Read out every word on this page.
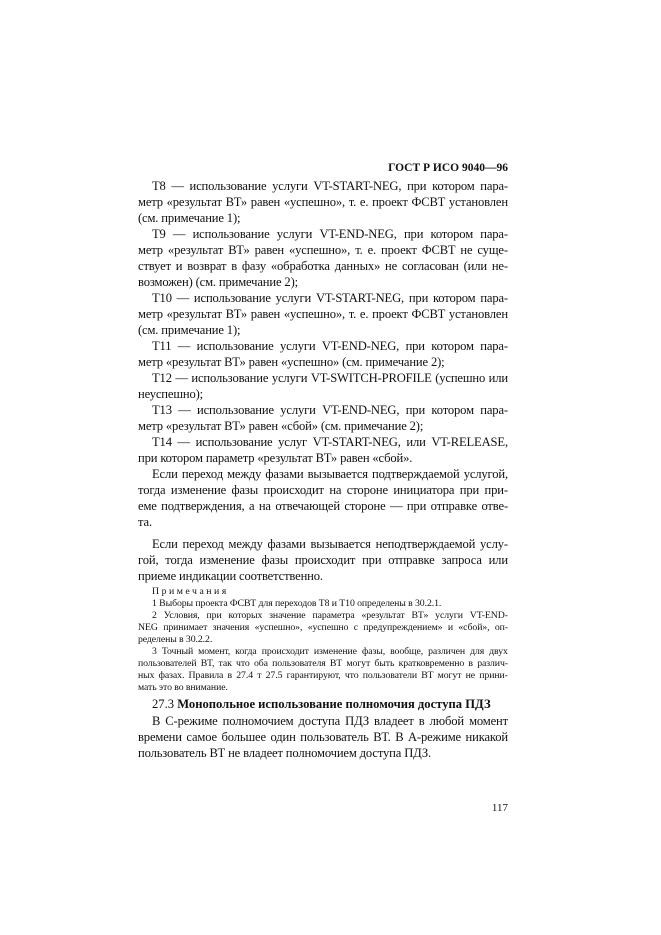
ГОСТ Р ИСО 9040—96
T8 — использование услуги VT-START-NEG, при котором пара-
метр «результат ВТ» равен «успешно», т. е. проект ФСВТ установлен
(см. примечание 1);
T9 — использование услуги VT-END-NEG, при котором пара-
метр «результат ВТ» равен «успешно», т. е. проект ФСВТ не суще-
ствует и возврат в фазу «обработка данных» не согласован (или не-
возможен) (см. примечание 2);
T10 — использование услуги VT-START-NEG, при котором пара-
метр «результат ВТ» равен «успешно», т. е. проект ФСВТ установлен
(см. примечание 1);
T11 — использование услуги VT-END-NEG, при котором пара-
метр «результат ВТ» равен «успешно» (см. примечание 2);
T12 — использование услуги VT-SWITCH-PROFILE (успешно или
неуспешно);
T13 — использование услуги VT-END-NEG, при котором пара-
метр «результат ВТ» равен «сбой» (см. примечание 2);
T14 — использование услуг VT-START-NEG, или VT-RELEASE,
при котором параметр «результат ВТ» равен «сбой».
Если переход между фазами вызывается подтверждаемой услугой,
тогда изменение фазы происходит на стороне инициатора при при-
еме подтверждения, а на отвечающей стороне — при отправке отве-
та.
Если переход между фазами вызывается неподтверждаемой услу-
гой, тогда изменение фазы происходит при отправке запроса или
приеме индикации соответственно.
Примечания
1 Выборы проекта ФСВТ для переходов T8 и T10 определены в 30.2.1.
2 Условия, при которых значение параметра «результат ВТ» услуги VT-END-
NEG принимает значения «успешно», «успешно с предупреждением» и «сбой», оп-
ределены в 30.2.2.
3 Точный момент, когда происходит изменение фазы, вообще, различен для двух
пользователей ВТ, так что оба пользователя ВТ могут быть кратковременно в различ-
ных фазах. Правила в 27.4 т 27.5 гарантируют, что пользователи ВТ могут не прини-
мать это во внимание.
27.3 Монопольное использование полномочия доступа ПДЗ
В С-режиме полномочием доступа ПДЗ владеет в любой момент
времени самое большее один пользователь ВТ. В А-режиме никакой
пользователь ВТ не владеет полномочием доступа ПДЗ.
117
